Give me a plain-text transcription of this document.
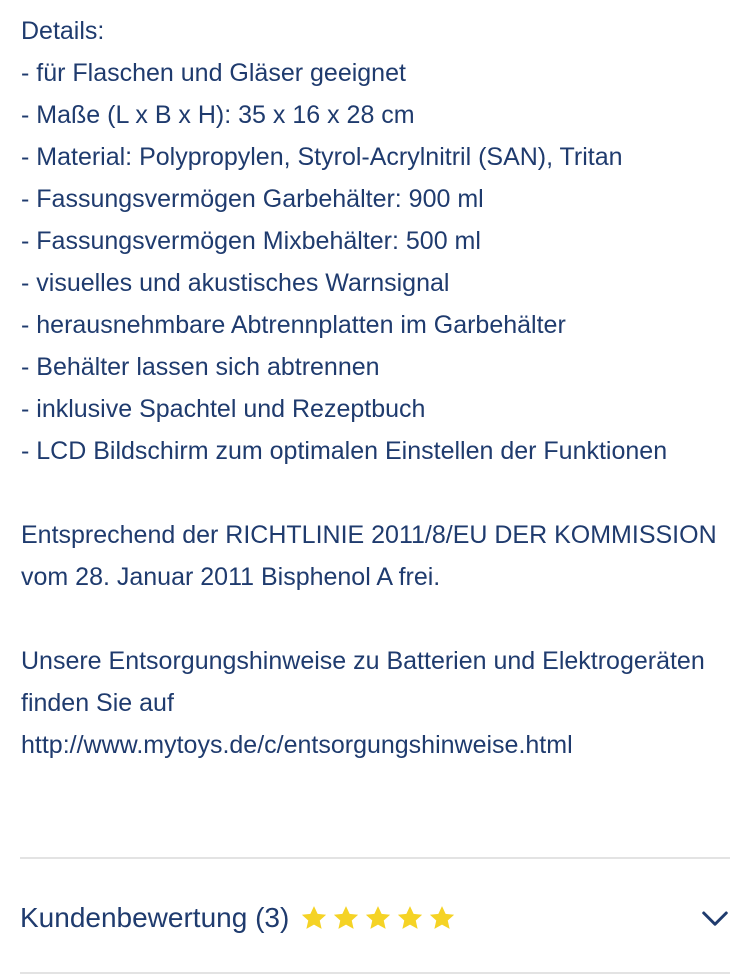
Details:
- für Flaschen und Gläser geeignet
- Maße (L x B x H): 35 x 16 x 28 cm
- Material: Polypropylen, Styrol-Acrylnitril (SAN), Tritan
- Fassungsvermögen Garbehälter: 900 ml
- Fassungsvermögen Mixbehälter: 500 ml
- visuelles und akustisches Warnsignal
- herausnehmbare Abtrennplatten im Garbehälter
- Behälter lassen sich abtrennen
- inklusive Spachtel und Rezeptbuch
- LCD Bildschirm zum optimalen Einstellen der Funktionen
Entsprechend der RICHTLINIE 2011/8/EU DER KOMMISSION vom 28. Januar 2011 Bisphenol A frei.
Unsere Entsorgungshinweise zu Batterien und Elektrogeräten finden Sie auf
http://www.mytoys.de/c/entsorgungshinweise.html
Kundenbewertung (3)
